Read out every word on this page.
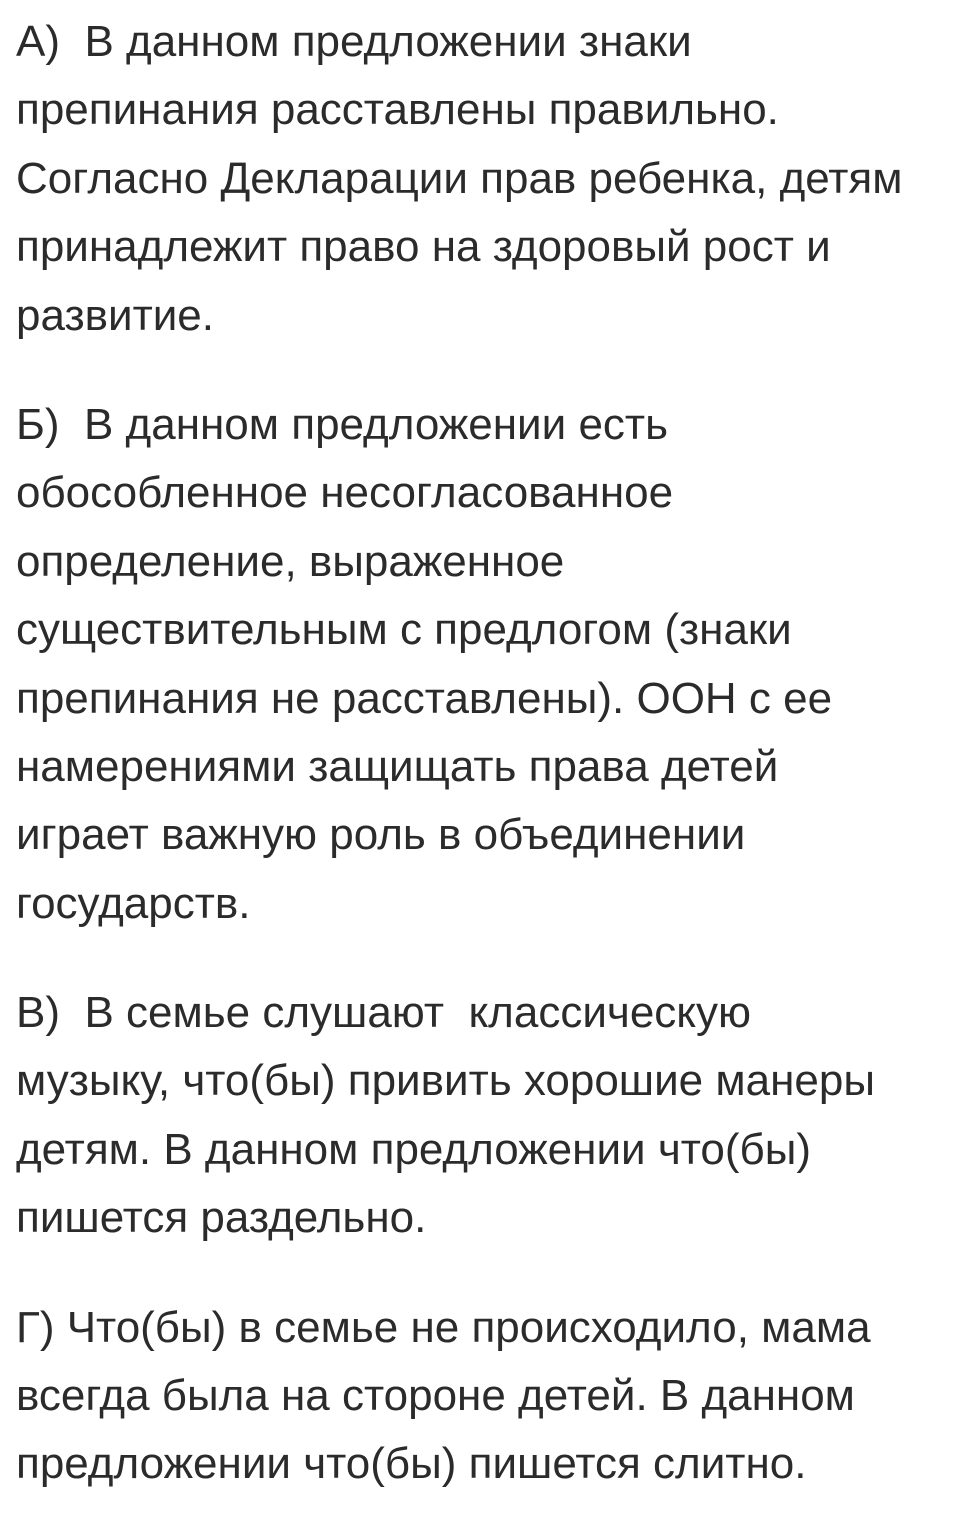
А)  В данном предложении знаки
препинания расставлены правильно.
Согласно Декларации прав ребенка, детям
принадлежит право на здоровый рост и
развитие.
Б)  В данном предложении есть
обособленное несогласованное
определение, выраженное
существительным с предлогом (знаки
препинания не расставлены). ООН с ее
намерениями защищать права детей
играет важную роль в объединении
государств.
В)  В семье слушают  классическую
музыку, что(бы) привить хорошие манеры
детям. В данном предложении что(бы)
пишется раздельно.
Г) Что(бы) в семье не происходило, мама
всегда была на стороне детей. В данном
предложении что(бы) пишется слитно.
